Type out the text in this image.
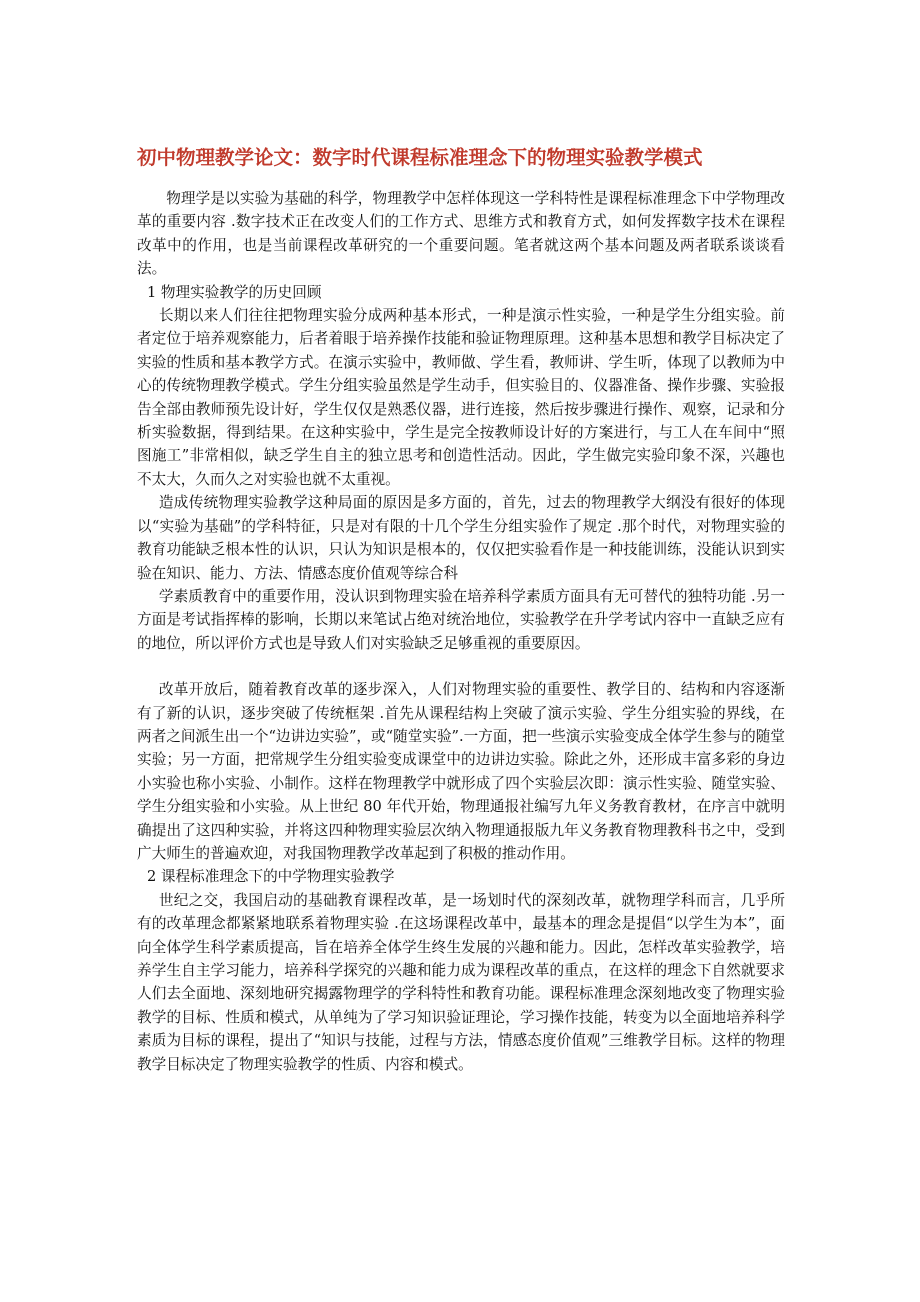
初中物理教学论文：数字时代课程标准理念下的物理实验教学模式

物理学是以实验为基础的科学，物理教学中怎样体现这一学科特性是课程标准理念下中学物理改革的重要内容 .数字技术正在改变人们的工作方式、思维方式和教育方式，如何发挥数字技术在课程改革中的作用，也是当前课程改革研究的一个重要问题。笔者就这两个基本问题及两者联系谈谈看法。

1 物理实验教学的历史回顾

长期以来人们往往把物理实验分成两种基本形式，一种是演示性实验，一种是学生分组实验。前者定位于培养观察能力，后者着眼于培养操作技能和验证物理原理。这种基本思想和教学目标决定了实验的性质和基本教学方式。在演示实验中，教师做、学生看，教师讲、学生听，体现了以教师为中心的传统物理教学模式。学生分组实验虽然是学生动手，但实验目的、仪器准备、操作步骤、实验报告全部由教师预先设计好，学生仅仅是熟悉仪器，进行连接，然后按步骤进行操作、观察，记录和分析实验数据，得到结果。在这种实验中，学生是完全按教师设计好的方案进行，与工人在车间中“照图施工”非常相似，缺乏学生自主的独立思考和创造性活动。因此，学生做完实验印象不深，兴趣也不太大，久而久之对实验也就不太重视。

造成传统物理实验教学这种局面的原因是多方面的，首先，过去的物理教学大纲没有很好的体现以“实验为基础”的学科特征，只是对有限的十几个学生分组实验作了规定 .那个时代，对物理实验的教育功能缺乏根本性的认识，只认为知识是根本的，仅仅把实验看作是一种技能训练，没能认识到实验在知识、能力、方法、情感态度价值观等综合科

学素质教育中的重要作用，没认识到物理实验在培养科学素质方面具有无可替代的独特功能 .另一方面是考试指挥棒的影响，长期以来笔试占绝对统治地位，实验教学在升学考试内容中一直缺乏应有的地位，所以评价方式也是导致人们对实验缺乏足够重视的重要原因。

改革开放后，随着教育改革的逐步深入，人们对物理实验的重要性、教学目的、结构和内容逐渐有了新的认识，逐步突破了传统框架 .首先从课程结构上突破了演示实验、学生分组实验的界线，在两者之间派生出一个“边讲边实验”，或“随堂实验”.一方面，把一些演示实验变成全体学生参与的随堂实验；另一方面，把常规学生分组实验变成课堂中的边讲边实验。除此之外，还形成丰富多彩的身边小实验也称小实验、小制作。这样在物理教学中就形成了四个实验层次即：演示性实验、随堂实验、学生分组实验和小实验。从上世纪 80 年代开始，物理通报社编写九年义务教育教材，在序言中就明确提出了这四种实验，并将这四种物理实验层次纳入物理通报版九年义务教育物理教科书之中，受到广大师生的普遍欢迎，对我国物理教学改革起到了积极的推动作用。

2 课程标准理念下的中学物理实验教学

世纪之交，我国启动的基础教育课程改革，是一场划时代的深刻改革，就物理学科而言，几乎所有的改革理念都紧紧地联系着物理实验 .在这场课程改革中，最基本的理念是提倡“以学生为本”，面向全体学生科学素质提高，旨在培养全体学生终生发展的兴趣和能力。因此，怎样改革实验教学，培养学生自主学习能力，培养科学探究的兴趣和能力成为课程改革的重点，在这样的理念下自然就要求人们去全面地、深刻地研究揭露物理学的学科特性和教育功能。课程标准理念深刻地改变了物理实验教学的目标、性质和模式，从单纯为了学习知识验证理论，学习操作技能，转变为以全面地培养科学素质为目标的课程，提出了“知识与技能，过程与方法，情感态度价值观”三维教学目标。这样的物理教学目标决定了物理实验教学的性质、内容和模式。
